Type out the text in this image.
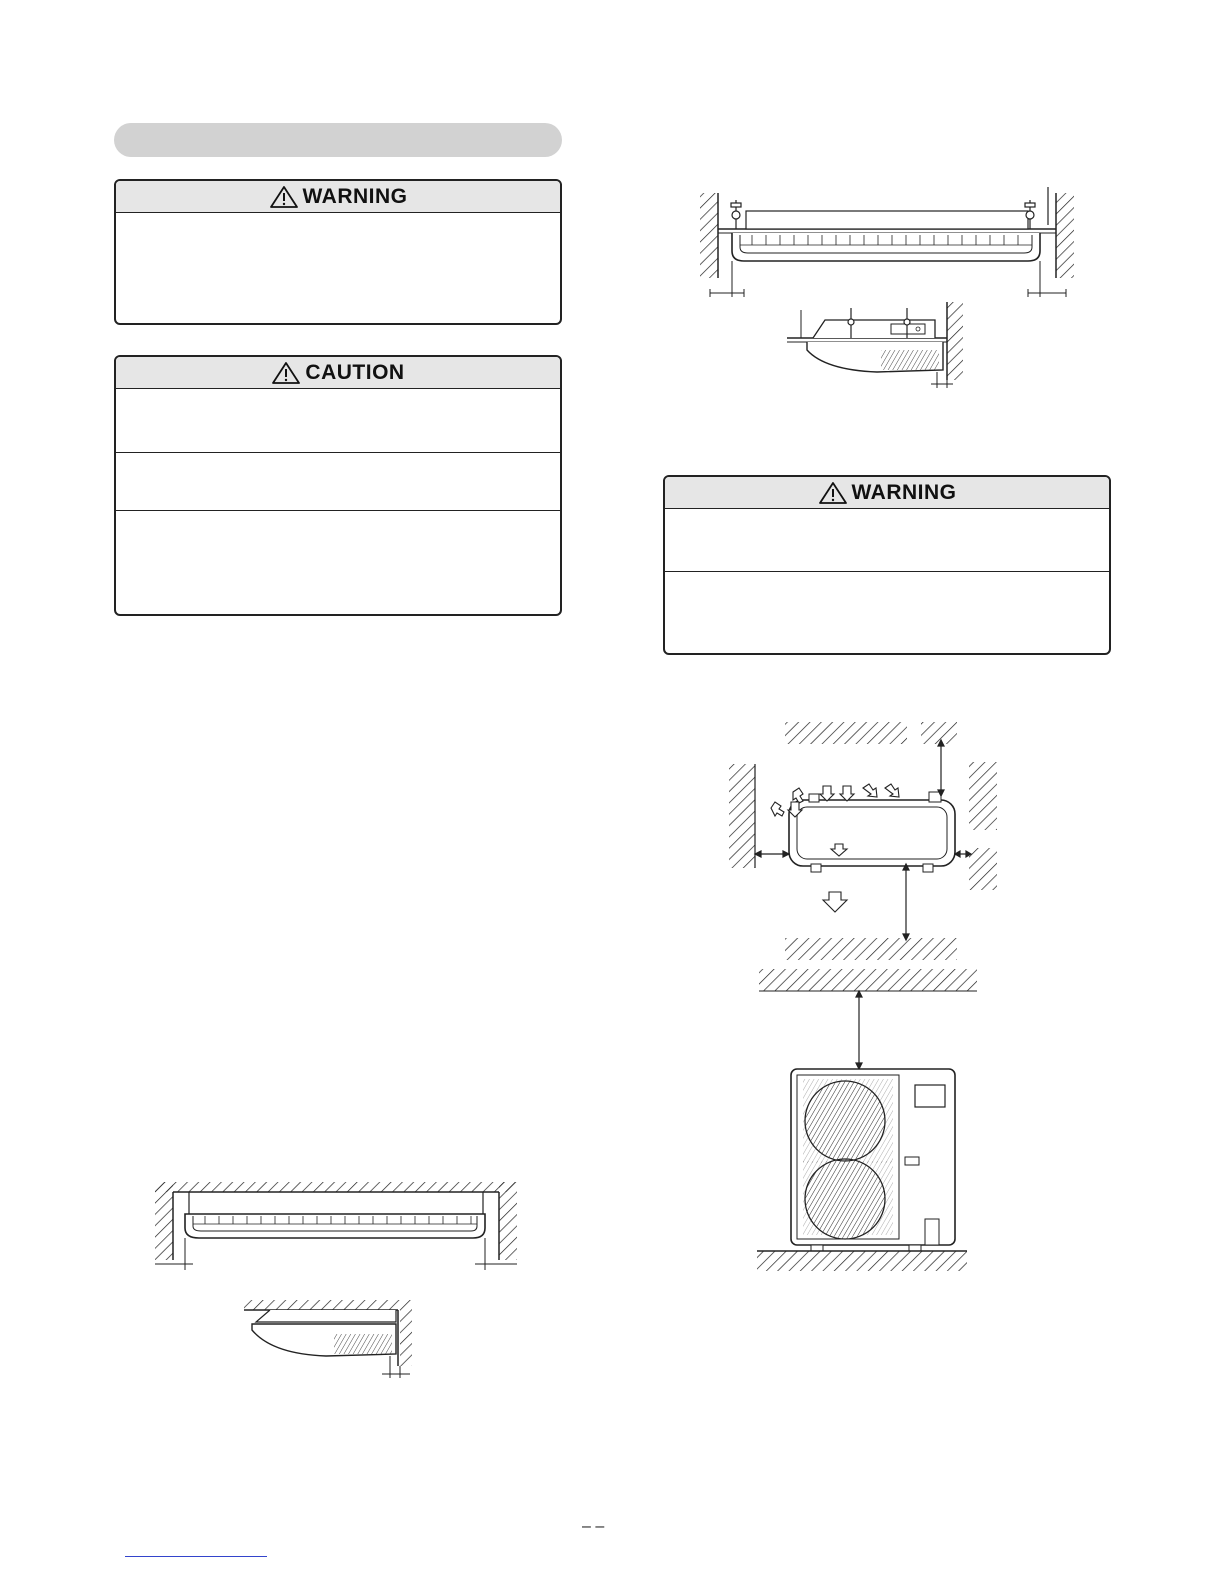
WARNING
CAUTION
WARNING
– –
